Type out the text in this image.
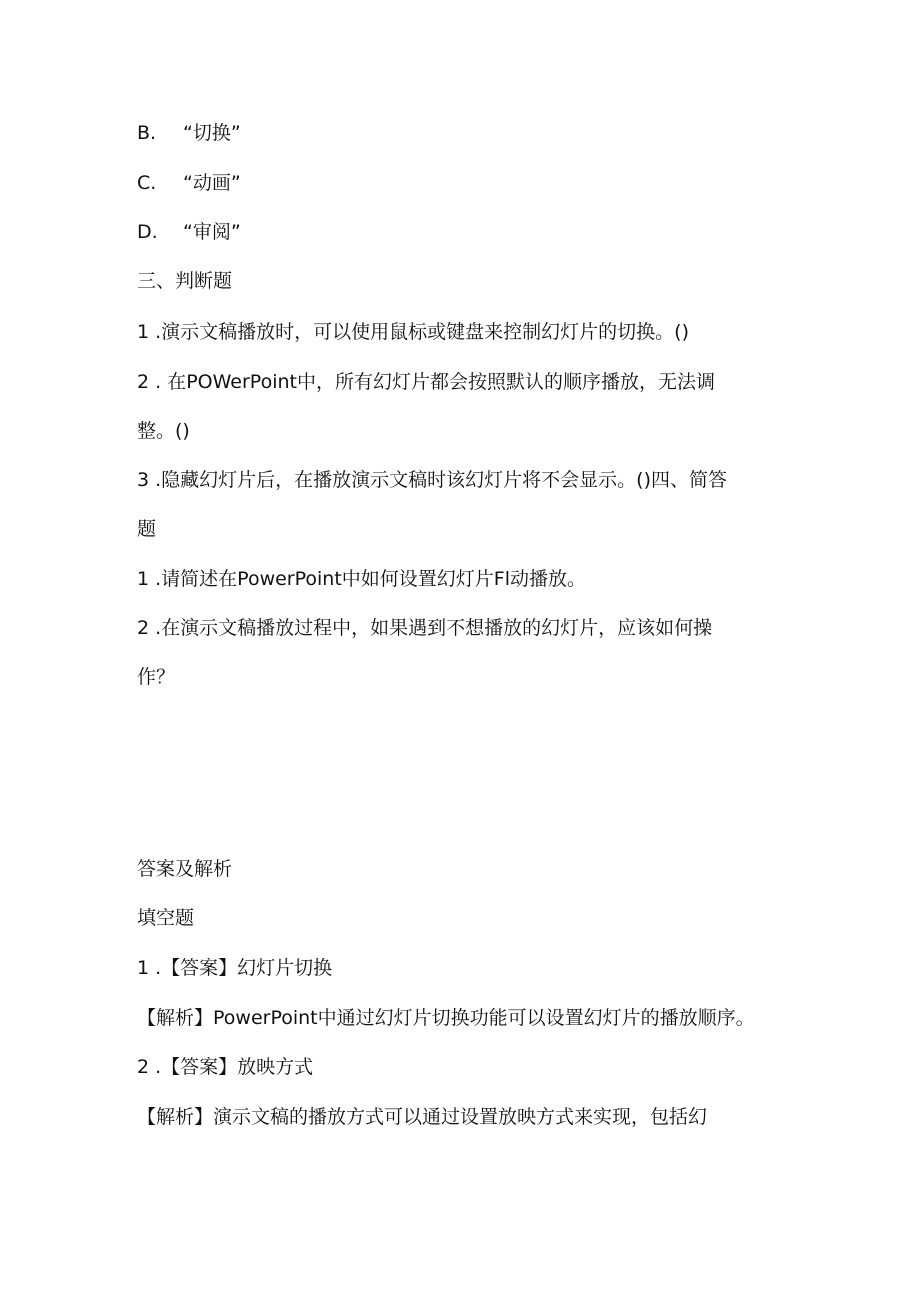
B. “切换”
C. “动画”
D. “审阅”
三、判断题
1 .演示文稿播放时，可以使用鼠标或键盘来控制幻灯片的切换。()
2 . 在POWerPoint中，所有幻灯片都会按照默认的顺序播放，无法调
整。()
3 .隐藏幻灯片后，在播放演示文稿时该幻灯片将不会显示。()四、简答
题
1 .请简述在PowerPoint中如何设置幻灯片Fl动播放。
2 .在演示文稿播放过程中，如果遇到不想播放的幻灯片，应该如何操
作？
答案及解析
填空题
1 .【答案】幻灯片切换
【解析】PowerPoint中通过幻灯片切换功能可以设置幻灯片的播放顺序。
2 .【答案】放映方式
【解析】演示文稿的播放方式可以通过设置放映方式来实现，包括幻
